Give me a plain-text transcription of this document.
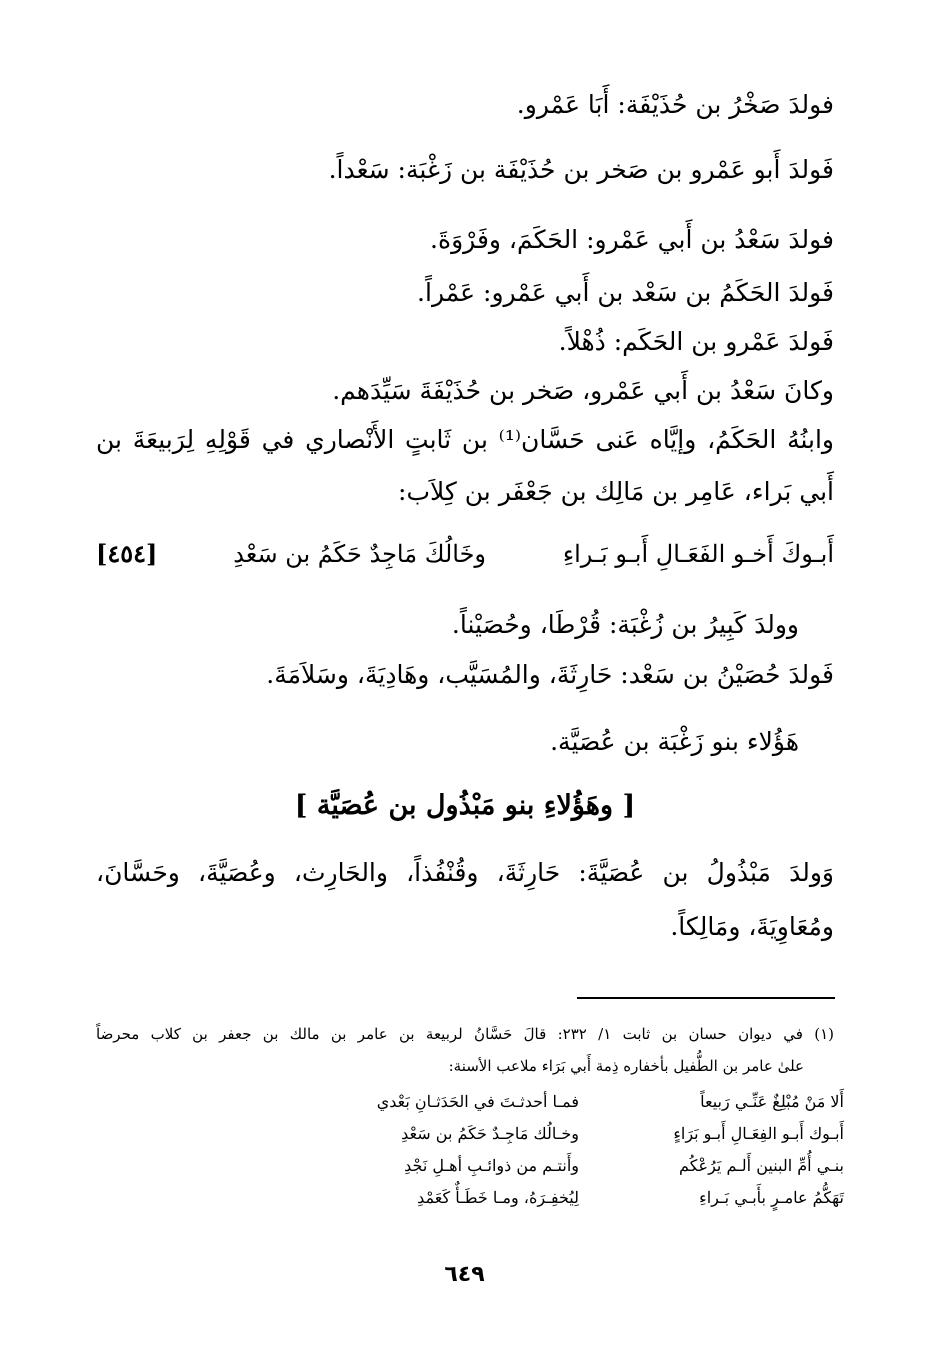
فولدَ صَخْرُ بن حُذَيْفَة: أَبَا عَمْرو.
فَولدَ أَبو عَمْرو بن صَخر بن حُذَيْفَة بن زَغْبَة: سَعْداً.
فولدَ سَعْدُ بن أَبي عَمْرو: الحَكَمَ، وفَرْوَةَ.
فَولدَ الحَكَمُ بن سَعْد بن أَبي عَمْرو: عَمْراً.
فَولدَ عَمْرو بن الحَكَم: ذُهْلاً.
وكانَ سَعْدُ بن أَبي عَمْرو، صَخر بن حُذَيْفَةَ سَيِّدَهم.
وابنُهُ الحَكَمُ، وإيَّاه عَنى حَسَّان⁽¹⁾ بن ثَابتٍ الأَنْصاري في قَوْلِهِ لِرَبيعَةَ بن
أَبي بَراء، عَامِر بن مَالِك بن جَعْفَر بن كِلاَب:
أَبـوكَ أَخـو الفَعَـالِ أَبـو بَـراءِ
وخَالُكَ مَاجِدٌ حَكَمُ بن سَعْدِ
[٤٥٤]
وولدَ كَبِيرُ بن زُغْبَة: قُرْطَا، وحُصَيْناً.
فَولدَ حُصَيْنُ بن سَعْد: حَارِثَةَ، والمُسَيَّب، وهَادِيَةَ، وسَلاَمَةَ.
هَؤُلاء بنو زَغْبَة بن عُصَيَّة.
[ وهَؤُلاءِ بنو مَبْذُول بن عُصَيَّة ]
وَولدَ مَبْذُولُ بن عُصَيَّةَ: حَارِثَةَ، وقُنْفُذاً، والحَارِث، وعُصَيَّةَ، وحَسَّانَ،
ومُعَاوِيَةَ، ومَالِكاً.
(١) في ديوان حسان بن ثابت ١/ ٢٣٢: قالَ حَسَّانُ لربيعة بن عامر بن مالك بن جعفر بن كلاب محرضاً
علىٰ عامر بن الطُّفيل بأخفاره ذِمة أَبي بَرَاء ملاعب الأسنة:
أَلا مَنْ مُبْلِغٌ عَنِّـي رَبيعاً
فمـا أحدثـتَ في الحَدَثـانِ بَعْدي
أَبـوك أَبـو الفِعَـالِ أَبـو بَرَاءٍ
وخـالُك مَاجِـدٌ حَكَمُ بن سَعْدِ
بنـي أُمِّ البنين أَلـم يَرُعْكُم
وأَنتـم من ذوائـبِ أهـلِ نَجْدِ
تَهَكُّمُ عامـرٍ بأَبـي بَـراءِ
لِيُخفِـرَهُ، ومـا خَطَـأٌ كَعَمْدِ
٦٤٩
